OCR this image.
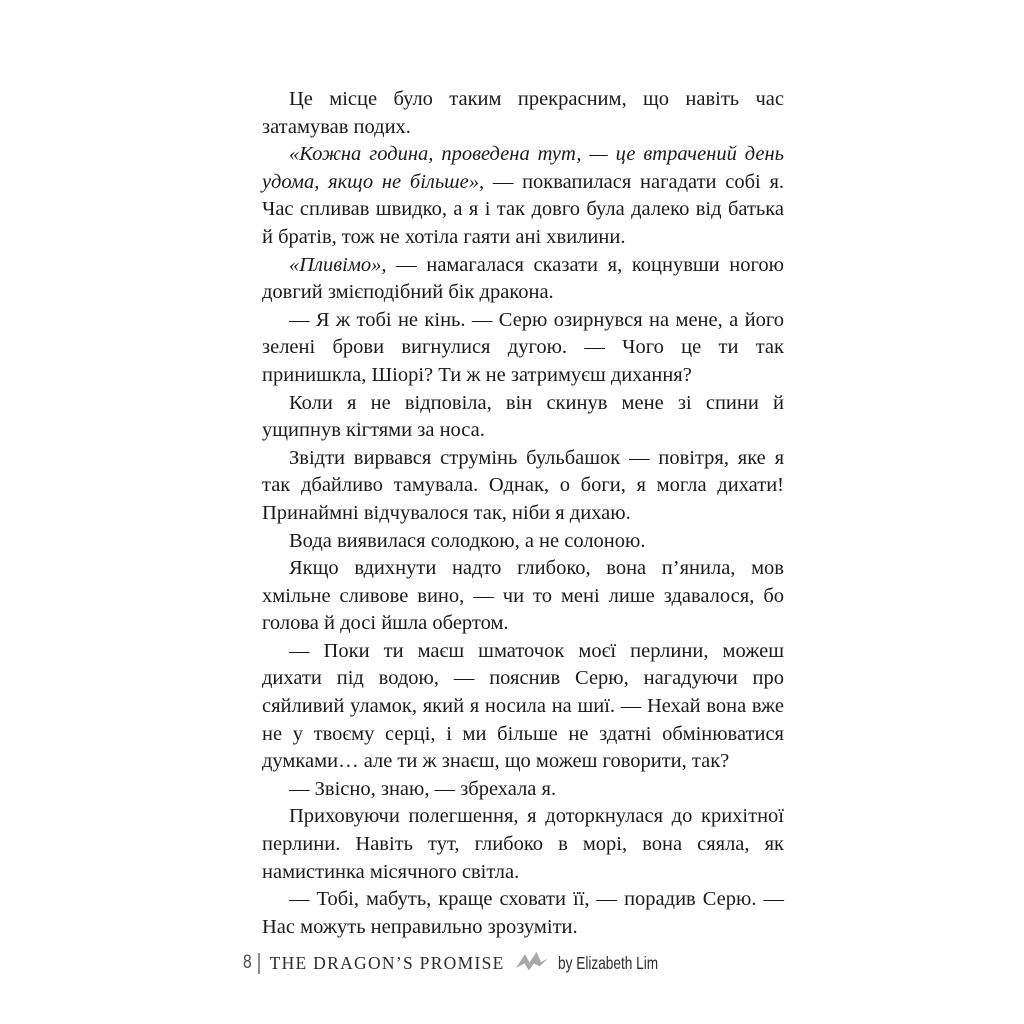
Це місце було таким прекрасним, що навіть час затамував подих.

«Кожна година, проведена тут, — це втрачений день удома, якщо не більше», — поквапилася нагадати собі я. Час спливав швидко, а я і так довго була далеко від батька й братів, тож не хотіла гаяти ані хвилини.

«Пливімо», — намагалася сказати я, коцнувши ногою довгий змієподібний бік дракона.

— Я ж тобі не кінь. — Серю озирнувся на мене, а його зелені брови вигнулися дугою. — Чого це ти так принишкла, Шіорі? Ти ж не затримуєш дихання?

Коли я не відповіла, він скинув мене зі спини й ущипнув кігтями за носа.

Звідти вирвався струмінь бульбашок — повітря, яке я так дбайливо тамувала. Однак, о боги, я могла дихати! Принаймні відчувалося так, ніби я дихаю.

Вода виявилася солодкою, а не солоною.

Якщо вдихнути надто глибоко, вона п’янила, мов хмільне сливове вино, — чи то мені лише здавалося, бо голова й досі йшла обертом.

— Поки ти маєш шматочок моєї перлини, можеш дихати під водою, — пояснив Серю, нагадуючи про сяйливий уламок, який я носила на шиї. — Нехай вона вже не у твоєму серці, і ми більше не здатні обмінюватися думками… але ти ж знаєш, що можеш говорити, так?

— Звісно, знаю, — збрехала я.

Приховуючи полегшення, я доторкнулася до крихітної перлини. Навіть тут, глибоко в морі, вона сяяла, як намистинка місячного світла.

— Тобі, мабуть, краще сховати її, — порадив Серю. — Нас можуть неправильно зрозуміти.

8 THE DRAGON’S PROMISE	by Elizabeth Lim
